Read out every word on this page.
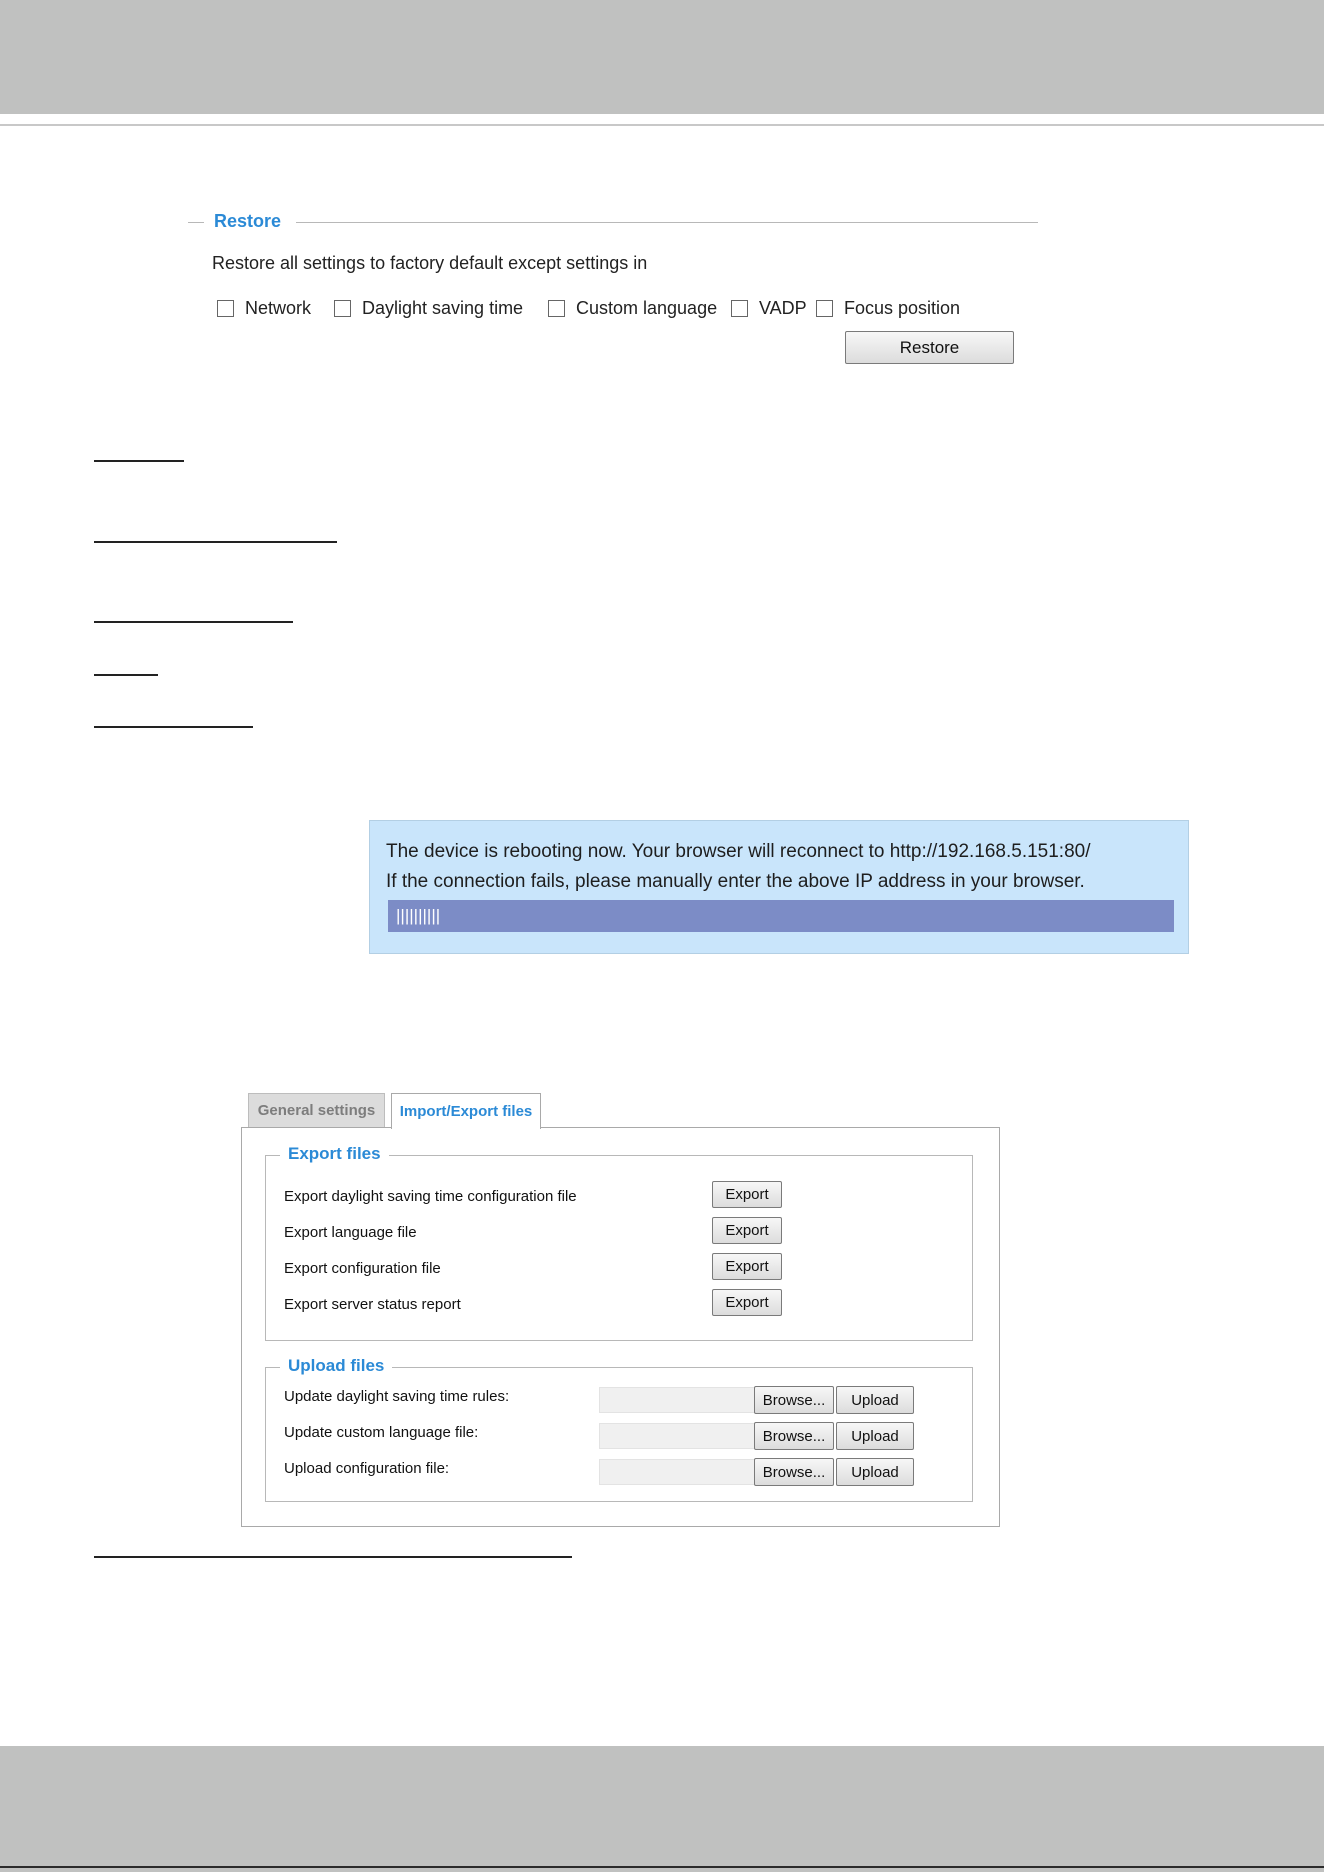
Restore
Restore all settings to factory default except settings in
Network	Daylight saving time	Custom language VADP Focus position
Restore
The device is rebooting now. Your browser will reconnect to http://192.168.5.151:80/
If the connection fails, please manually enter the above IP address in your browser.
||||||||||
General settings	Import/Export files
Export files
Export daylight saving time configuration file	Export
Export language file	Export
Export configuration file	Export
Export server status report	Export
Upload files
Update daylight saving time rules:	Browse...	Upload
Update custom language file:	Browse...	Upload
Upload configuration file:	Browse...	Upload
